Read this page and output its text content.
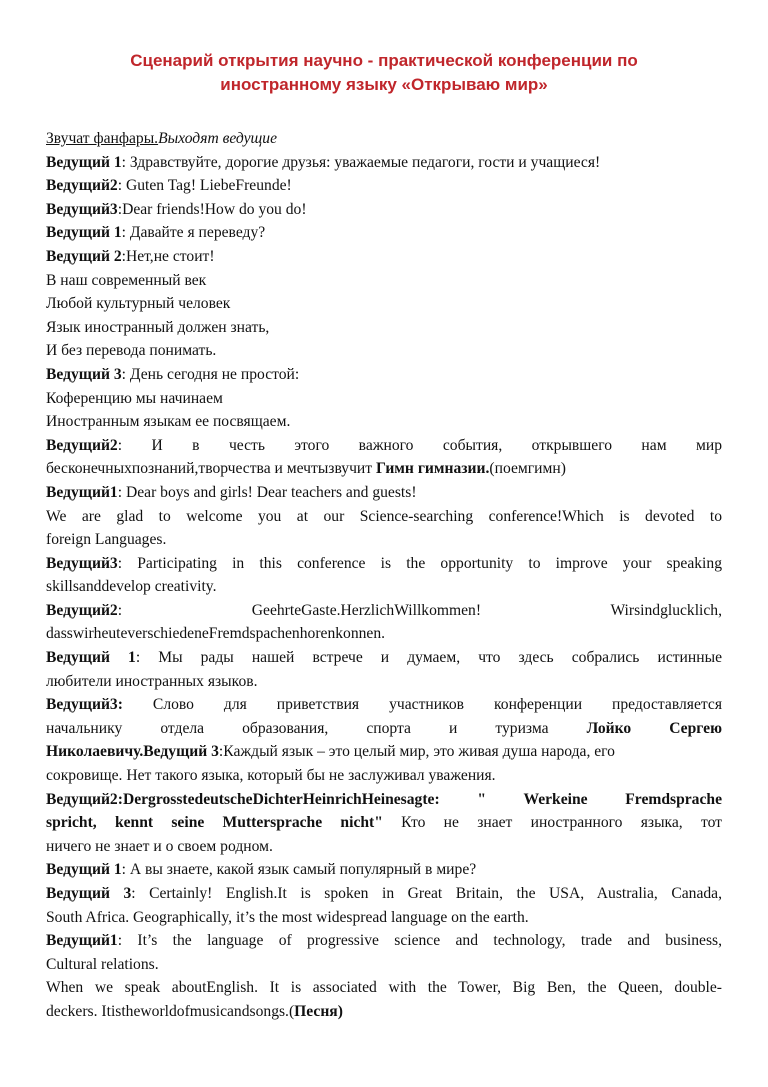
Сценарий открытия научно - практической конференции по
иностранному языку «Открываю мир»
Звучат фанфары.Выходят ведущие
Ведущий 1: Здравствуйте, дорогие друзья: уважаемые педагоги, гости и учащиеся!
Ведущий2: Guten Tag! LiebeFreunde!
Ведущий3:Dear friends!How do you do!
Ведущий 1: Давайте я переведу?
Ведущий 2:Нет,не стоит!
В наш современный век
Любой культурный человек
Язык иностранный должен знать,
И без перевода понимать.
Ведущий 3: День сегодня не простой:
Коференцию мы начинаем
Иностранным языкам ее посвящаем.
Ведущий2: И в честь этого важного события, открывшего нам мир
бесконечныхпознаний,творчества и мечтызвучит Гимн гимназии.(поемгимн)
Ведущий1: Dear boys and girls! Dear teachers and guests!
We are glad to welcome you at our Science-searching conference!Which is devoted to
foreign Languages.
Ведущий3: Participating in this conference is the opportunity to improve your speaking
skillsanddevelop creativity.
Ведущий2: GeehrteGaste.HerzlichWillkommen! Wirsindglucklich,
dasswirheuteverschiedeneFremdspachenhorenkonnen.
Ведущий 1: Мы рады нашей встрече и думаем, что здесь собрались истинные
любители иностранных языков.
Ведущий3: Слово для приветствия участников конференции предоставляется
начальнику отдела образования, спорта и туризма Лойко Сергею
Николаевичу.Ведущий 3:Каждый язык – это целый мир, это живая душа народа, его
сокровище. Нет такого языка, который бы не заслуживал уважения.
Ведущий2:DergrosstedeutscheDichterHeinrichHeinesagte: " Werkeine Fremdsprache
spricht, kennt seine Muttersprache nicht" Кто не знает иностранного языка, тот
ничего не знает и о своем родном.
Ведущий 1: А вы знаете, какой язык самый популярный в мире?
Ведущий 3: Certainly! English.It is spoken in Great Britain, the USA, Australia, Canada,
South Africa. Geographically, it’s the most widespread language on the earth.
Ведущий1: It’s the language of progressive science and technology, trade and business,
Cultural relations.
When we speak aboutEnglish. It is associated with the Tower, Big Ben, the Queen, double-
deckers. Itistheworldofmusicandsongs.(Песня)
